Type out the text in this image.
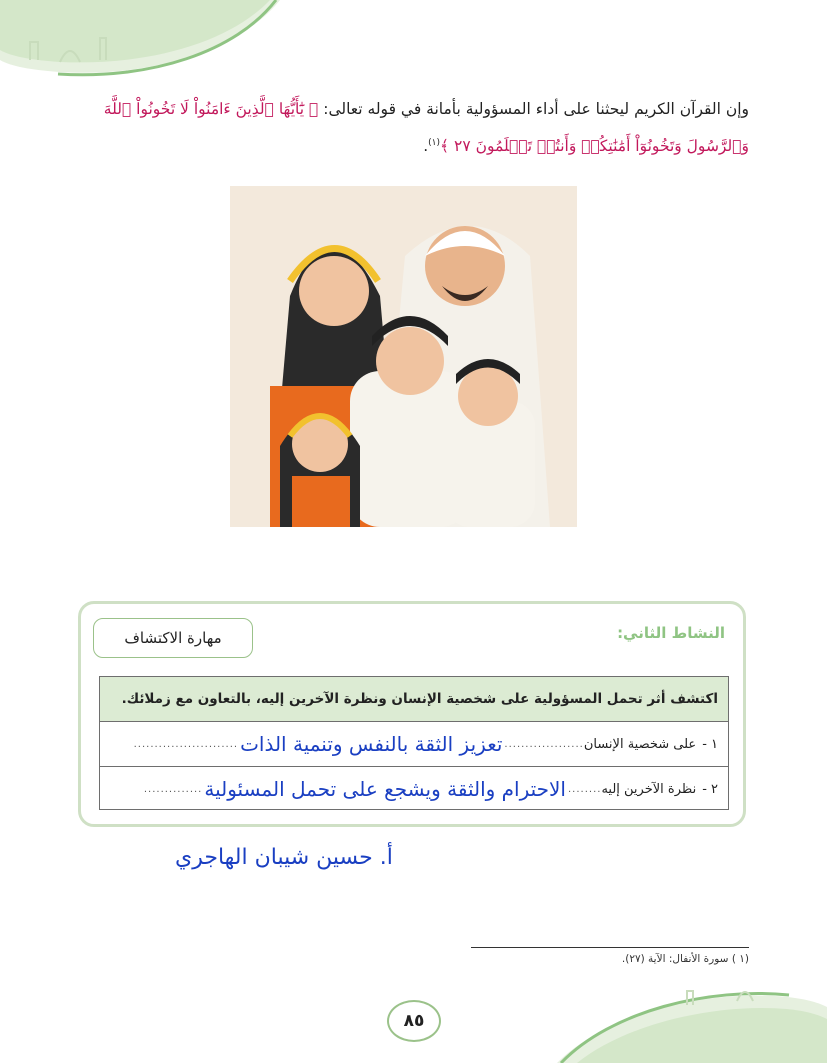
وإن القرآن الكريم ليحثنا على أداء المسؤولية بأمانة في قوله تعالى: ﴿ يَٰٓأَيُّهَا ٱلَّذِينَ ءَامَنُواْ لَا تَخُونُواْ ٱللَّهَ وَٱلرَّسُولَ وَتَخُونُوٓاْ أَمَٰنَٰتِكُمۡ وَأَنتُمۡ تَعۡلَمُونَ ٢٧ ﴾$^{(١)}$.
النشاط الثاني:
مهارة الاكتشاف
اكتشف أثر تحمل المسؤولية على شخصية الإنسان ونظرة الآخرين إليه، بالتعاون مع زملائك.
١ -
على شخصية الإنسان
...................
تعزيز الثقة بالنفس وتنمية الذات
.........................
٢ -
نظرة الآخرين إليه
........
الاحترام والثقة ويشجع على تحمل المسئولية
..............
أ. حسين شيبان الهاجري
(١ ) سورة الأنفال: الآية (٢٧).
٨٥
